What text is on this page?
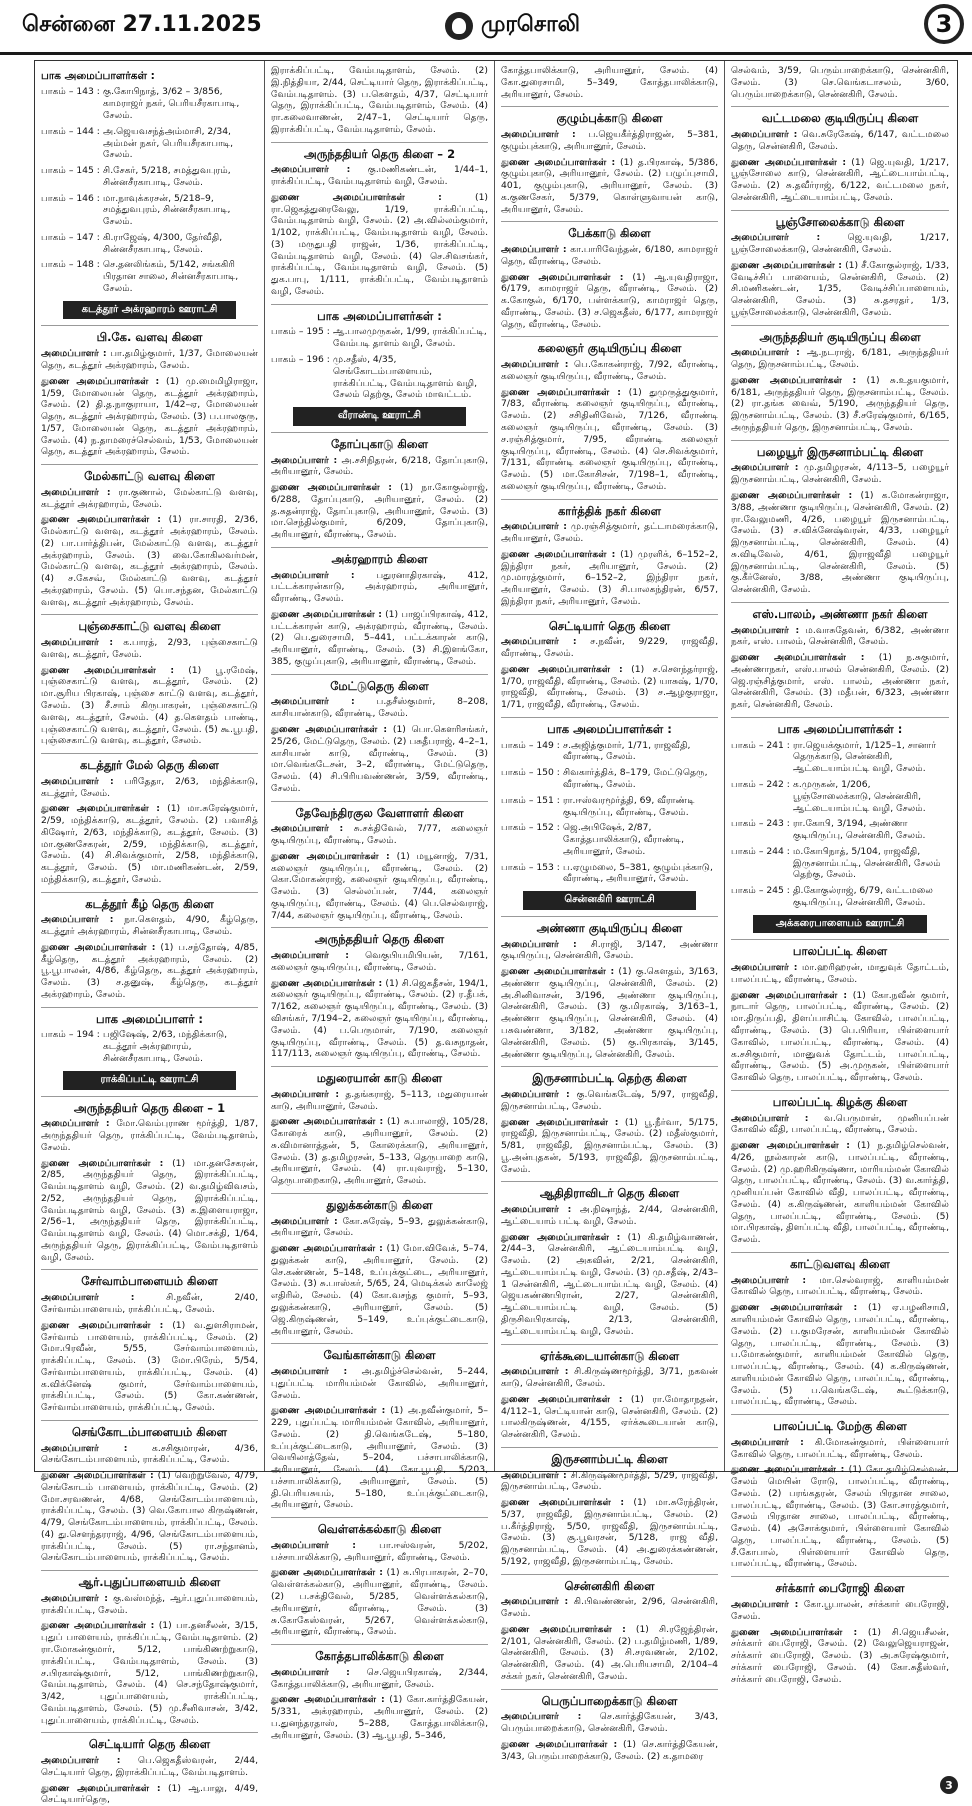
சென்னை 27.11.2025	முரசொலி	3
பாக அமைப்பாளர்கள் :
பாகம் – 143 : கு.கோபிநாத், 3/62 – 3/856, காமராஜர் நகர், பெரியசீரகாபாடி, சேலம்.
பாகம் – 144 : அ.ஜெயவசந்த்அம்மாசி, 2/34, அம்மன் நகர், பெரியசீரகாபாடி, சேலம்.
பாகம் – 145 : சி.சேகர், 5/218, சமத்துவபுரம், சின்னசீரகாபாடி, சேலம்.
பாகம் – 146 : மா.நாவுக்கரசன், 5/218–9, சமத்துவபுரம், சின்னசீரகாபாடி, சேலம்.
பாகம் – 147 : கி.ராஜேஷ், 4/300, தேர்வீதி, சின்னசீரகாபாடி, சேலம்.
பாகம் – 148 : செ.தனலிங்கம், 5/142, சங்ககிரி பிரதான சாலை, சின்னசீரகாபாடி, சேலம்.
கடத்தூர் அக்ரஹாரம் ஊராட்சி
பி.கே. வளவு கிளை

அமைப்பாளர் : பா.தமிழ்குமார், 1/37, மோலையன் தெரு, கடத்தூர் அக்ரஹாரம், சேலம்.

துணை அமைப்பாளர்கள் : (1) மு.மைமிழிராஜா, 1/59, மோலையன் தெரு, கடத்தூர் அக்ரஹாரம், சேலம். (2) தி.த.நாகுராயா, 1/42–ஏ, மோலையன் தெரு, கடத்தூர் அக்ரஹாரம், சேலம். (3) ப.பாலகுரு, 1/57, மோலையன் தெரு, கடத்தூர் அக்ரஹாரம், சேலம். (4) ந.தாமரைச்செல்வம், 1/53, மோலையன் தெரு, கடத்தூர் அக்ரஹாரம், சேலம்.

மேல்காட்டு வளவு கிளை

அமைப்பாளர் : ரா.குணால், மேல்காட்டு வளவு, கடத்தூர் அக்ரஹாரம், சேலம்.

துணை அமைப்பாளர்கள் : (1) ரா.சாரதி, 2/36, மேல்காட்டு வளவு, கடத்தூர் அக்ரஹாரம், சேலம். (2) பா.பார்த்திபன், மேல்காட்டு வளவு, கடத்தூர் அக்ரஹாரம், சேலம். (3) வை.கோகிலவர்மன், மேல்காட்டு வளவு, கடத்தூர் அக்ரஹாரம், சேலம். (4) ச.கேசவ், மேல்காட்டு வளவு, கடத்தூர் அக்ரஹாரம், சேலம். (5) பொ.சந்தன, மேல்காட்டு வளவு, கடத்தூர் அக்ரஹாரம், சேலம்.

புஞ்சைகாட்டு வளவு கிளை

அமைப்பாளர் : க.பாரத், 2/93, புஞ்சைகாட்டு வளவு, கடத்தூர், சேலம்.

துணை அமைப்பாளர்கள் : (1) பூ.ரமேஷ், புஞ்சைகாட்டு வளவு, கடத்தூர், சேலம். (2) மா.சூரிய பிரகாஷ், புஞ்சை காட்டு வளவு, கடத்தூர், சேலம். (3) சீ.சாம் கிருபாகரன், புஞ்சைகாட்டு வளவு, கடத்தூர், சேலம். (4) த.கௌதம் பாண்டி, புஞ்சைகாட்டு வளவு, கடத்தூர், சேலம். (5) கூ.பூபதி, புஞ்சைகாட்டு வளவு, கடத்தூர், சேலம்.

கடத்தூர் மேல் தெரு கிளை

அமைப்பாளர் : பரிதேதா, 2/63, மந்திக்காடு, கடத்தூர், சேலம்.

துணை அமைப்பாளர்கள் : (1) மா.சுரேஷ்குமார், 2/59, மந்திக்காடு, கடத்தூர், சேலம். (2) பவாசித் கிஷோர், 2/63, மந்திக்காடு, கடத்தூர், சேலம். (3) மா.குணசேகரன், 2/59, மந்திக்காடு, கடத்தூர், சேலம். (4) சி.சிவக்குமார், 2/58, மந்திக்காடு, கடத்தூர், சேலம். (5) மா.மணிகண்டன், 2/59, மந்திக்காடு, கடத்தூர், சேலம்.

கடத்தூர் கீழ் தெரு கிளை

அமைப்பாளர் : நா.கௌதம், 4/90, கீழ்தெரு, கடத்தூர் அக்ரஹாரம், சின்னசீரகாபாடி, சேலம்.

துணை அமைப்பாளர்கள் : (1) ப.சந்தோஷ், 4/85, கீழ்தெரு, கடத்தூர் அக்ரஹாரம், சேலம். (2) பூ.பூபாலன், 4/86, கீழ்தெரு, கடத்தூர் அக்ரஹாரம், சேலம். (3) ச.தனுஷ், கீழ்தெரு, கடத்தூர் அக்ரஹாரம், சேலம்.

பாக அமைப்பாளர் :
பாகம் – 194 : பஜிஷேஷ், 2/63, மந்திக்காடு, கடத்தூர் அக்ரஹாரம், சின்னசீரகாபாடி, சேலம்.
ராக்கிப்பட்டி ஊராட்சி
அருந்ததியர் தெரு கிளை – 1

அமைப்பாளர் : மோ.வெம்புராண மூர்த்தி, 1/87, அருந்ததியர் தெரு, ராக்கிப்பட்டி, வேம்படிதாளம், சேலம்.

துணை அமைப்பாளர்கள் : (1) மா.தனசேகரன், 2/85, அருந்ததியர் தெரு, இராக்கிப்பட்டி, வேம்படிதாளம் வழி, சேலம். (2) வ.தமிழ்விவசம், 2/52, அருந்ததியர் தெரு, இராக்கிப்பட்டி, வேம்படிதாளம் வழி, சேலம். (3) க.இளையராஜா, 2/56–1, அருந்ததியர் தெரு, இராக்கிப்பட்டி, வேம்படிதாளம் வழி, சேலம். (4) மொ.சக்தி, 1/64, அருந்ததியர் தெரு, இராக்கிப்பட்டி, வேம்படிதாளம் வழி, சேலம்.

சேர்வாம்பாளையம் கிளை

அமைப்பாளர் :	சி.நவீன், 2/40, சேர்வாம்பாளையம், ராக்கிப்பட்டி, சேலம்.

துணை அமைப்பாளர்கள் : (1) வ.துளசிராமன், சேர்வாம் பாளையம், ராக்கிப்பட்டி, சேலம். (2) மோ.பிரவீன், 5/55, சேர்வாம்பாளையம், ராக்கிப்பட்டி, சேலம். (3) மோ.பிரேம், 5/54, சேர்வாம்பாளையம், ராக்கிப்பட்டி, சேலம். (4) க.விக்னேஷ் குமார், சேர்வாம்பாளையம், ராக்கிப்பட்டி, சேலம். (5) கோ.கண்ணன், சேர்வாம்பாளையம், ராக்கிப்பட்டி, சேலம்.

செங்கோடம்பாளையம் கிளை

அமைப்பாளர் :	க.சசிகுமாரன், 4/36, செங்கோடம்பாளையம், ராக்கிப்பட்டி, சேலம்.

துணை அமைப்பாளர்கள் : (1) வெற்றுவேல், 4/79, செங்கோடம் பாளையம், ராக்கிப்பட்டி, சேலம். (2) மோ.சரவணன், 4/68, செங்கோடம்பாளையம், ராக்கிப்பட்டி, சேலம். (3) வெ.கோபால கிருஷ்ணன், 4/79, செங்கோடம்பாளையம், ராக்கிப்பட்டி, சேலம். (4) து.செளந்தரராஜ், 4/96, செங்கோடம்பாளையம், ராக்கிப்பட்டி, சேலம். (5) ரா.சந்தானம், செங்கோடம்பாளையம், ராக்கிப்பட்டி, சேலம்.

ஆர்.புதுப்பாளையம் கிளை

அமைப்பாளர் : கு.வஸ்மந்த், ஆர்.புதுப்பாளையம், ராக்கிப்பட்டி, சேலம்.

துணை அமைப்பாளர்கள் : (1) பா.தனசீலன், 3/15, புதுப் பாளையம், ராக்கிப்பட்டி, வேம்படிதாளம். (2) ரா.மோகன்குமார், 5/12, பாங்கிணற்றுகாடு, ராக்கிப்பட்டி, வேம்படிதாளம், சேலம். (3) ச.பிரகாஷ்குமார், 5/12, பாங்கிணற்றுகாடு, வேம்படிதாளம், சேலம். (4) செ.சந்தோஷ்குமார், 3/42, புதுப்பாளையம், ராக்கிப்பட்டி, வேம்படிதாளம், சேலம். (5) மு.சீனிவாசன், 3/42, புதுப்பாளையம், ராக்கிப்பட்டி, சேலம்.

செட்டியார் தெரு கிளை

அமைப்பாளர் : பெ.ஜெகதீஸ்வரன், 2/44, செட்டியார் தெரு, இராக்கிப்பட்டி, வேம்படிதாளம்.

துணை அமைப்பாளர்கள் : (1) ஆ.பாலு, 4/49, செட்டியார்தெரு,

இராக்கிப்பட்டி, வேம்படிதாளம், சேலம். (2) இ.நித்தியா, 2/44, செட்டியார் தெரு, இராக்கிப்பட்டி, வேம்படிதாளம். (3) ப.கௌதம், 4/37, செட்டியார் தெரு, இராக்கிப்பட்டி, வேம்படிதாளம், சேலம். (4) ரா.கலைவாணன், 2/47–1, செட்டியார் தெரு, இராக்கிப்பட்டி, வேம்படிதாளம், சேலம்.

அருந்ததியர் தெரு கிளை – 2

அமைப்பாளர் : கு.மணிகண்டன், 1/44–1, ராக்கிப்பட்டி, வேம்படிதாளம் வழி, சேலம்.

துணை அமைப்பாளர்கள் :	(1) ரா.ஜெகத்துரைவேலு, 1/19, ராக்கிப்பட்டி, வேம்படிதாளம் வழி, சேலம். (2) அ.வில்லம்குமார், 1/102, ராக்கிப்பட்டி, வேம்படிதாளம் வழி, சேலம். (3) மருதுபதி ராஜன், 1/36, ராக்கிப்பட்டி, வேம்படிதாளம் வழி, சேலம். (4) செ.சிவசங்கர், ராக்கிப்பட்டி, வேம்படிதாளம் வழி, சேலம். (5) துக.பாபு, 1/111, ராக்கிப்பட்டி, வேம்படிதாளம் வழி, சேலம்.

பாக அமைப்பாளர்கள் :
பாகம் – 195 : ஆ.பாலமுருகன், 1/99, ராக்கிப்பட்டி, வேம்படி தாளம் வழி, சேலம்.
பாகம் – 196 : மு.சதீஸ், 4/35, செங்கோடம்பாளையம், ராக்கிப்பட்டி, வேம்படிதாளம் வழி, சேலம் தெற்கு, சேலம் மாவட்டம்.
வீராண்டி ஊராட்சி
தோப்புகாடு கிளை

அமைப்பாளர் : அ.சசிநிதரன், 6/218, தோப்புகாடு, அரியானூர், சேலம்.

துணை அமைப்பாளர்கள் : (1) நா.கோகுல்ராஜ், 6/288, தோப்புகாடு, அரியானூர், சேலம். (2) த.சுதன்ராஜ், தோப்புகாடு, அரியானூர், சேலம். (3) மா.செந்தில்குமார், 6/209, தோப்புகாடு, அரியானூர், வீராண்டி, சேலம்.

அக்ரஹாரம் கிளை

அமைப்பாளர் : பதுரனாதிரகாஷ், 412, பட்டக்காரன்காடு, அக்ரஹாரம், அரியானூர், வீராண்டி, சேலம்.

துணை அமைப்பாளர்கள் : (1) பாஜப்பிரகாஷ், 412, பட்டக்காரன் காடு, அக்ரஹாரம், வீராண்டி, சேலம். (2) பெ.துரைசாமி, 5–441, பட்டக்காரன் காடு, அரியானூர், வீராண்டி, சேலம். (3) சி.இளங்கோ, 385, குழுப்புகாடு, அரியானூர், வீராண்டி, சேலம்.

மேட்டுதெரு கிளை

அமைப்பாளர் : ப.தசீஸ்குமார், 8–208, காசியான்காடு, வீராண்டி, சேலம்.

துணை அமைப்பாளர்கள் : (1) பொ.கௌரிசங்கர், 25/26, மேட்டுதெரு, சேலம். (2) பசுதீபராஜ், 4–2–1, காசியான் காடு, வீராண்டி, சேலம். (3) மா.வெங்கடேசன், 3–2, வீராண்டி, மேட்டுதெரு, சேலம். (4) சி.பிரியவண்ணன், 3/59, வீராண்டி, சேலம்.

தேவேந்திரகுல வேளாளர் கிளை

அமைப்பாளர் : சு.சக்திவேல், 7/77, கலைஞர் குடியிருப்பு, வீராண்டி, சேலம்.

துணை அமைப்பாளர்கள் : (1) மயூனாஜ், 7/31, கலைஞர் குடியிருப்பு, வீராண்டி, சேலம். (2) கொ.மோகன்ராஜ், கலைஞர் குடியிருப்பு, வீராண்டி, சேலம். (3) செல்லப்பன், 7/44, கலைஞர் குடியிருப்பு, வீராண்டி, சேலம். (4) பெ.செல்வராஜ், 7/44, கலைஞர் குடியிருப்பு, வீராண்டி, சேலம்.

அருந்ததியர் தெரு கிளை

அமைப்பாளர் : வெகுபியமிபியன், 7/161, கலைஞர் குடியிருப்பு, வீராண்டி, சேலம்.

துணை அமைப்பாளர்கள் : (1) சி.ஜெகதீசன், 194/1, கலைஞர் குடியிருப்பு, வீராண்டி, சேலம். (2) ர.தீபக், 7/162, கலைஞர் குடியிருப்பு, வீராண்டி, சேலம். (3) விசங்கர், 7/194–2, கலைஞர் குடியிருப்பு, வீராண்டி, சேலம். (4) ப.பெருமாள், 7/190, கலைஞர் குடியிருப்பு, வீராண்டி, சேலம். (5) த.வசுநாதன், 117/113, கலைஞர் குடியிருப்பு, வீராண்டி, சேலம்.

மதுரையான் காடு கிளை

அமைப்பாளர் : த.தங்கராஜ், 5–113, மதுரையான் காடு, அரியானூர், சேலம்.

துணை அமைப்பாளர்கள் : (1) சு.பாலாஜி, 105/28, கோரைக் காடு, அரியானூர், சேலம். (2) சு.விமானாத்தன், 5, கோரைக்காடு, அரியானூர், சேலம். (3) த.தமிழரசன், 5–133, தெருபாறை காடு, அரியானூர், சேலம். (4) ரா.யுவராஜ், 5–130, தெருபாறைகாடு, அரியானூர், சேலம்.

துலுக்கன்காடு கிளை

அமைப்பாளர் : கோ.சுரேஷ், 5–93, துலுக்கன்காடு, அரியானூர், சேலம்.

துணை அமைப்பாளர்கள் : (1) மோ.விவேக், 5–74, துலுக்கன் காடு, அரியானூர், சேலம். (2) செ.கண்ணன், 5–148, உப்புக்குட்டை, அரியானூர், சேலம். (3) சு.பாஸ்கர், 5/65, 24, மெடிக்கல் காலேஜ் எதிரில், சேலம். (4) கோ.வசந்த குமார், 5–93, துலுக்கன்காடு, அரியானூர், சேலம். (5) ஜெ.கிருஷ்ணன், 5–149, உப்புக்குட்டைகாடு, அரியானூர், சேலம்.

வேங்கான்காடு கிளை

அமைப்பாளர் : அ.தமிழ்ச்செல்வன், 5–244, புதுப்பட்டி மாரியம்மன் கோவில், அரியானூர், சேலம்.

துணை அமைப்பாளர்கள் : (1) அ.நவீன்குமார், 5–229, புதுப்பட்டி மாரியம்மன் கோவில், அரியானூர், சேலம். (2) தி.வெங்கடேஷ், 5–180, உப்புக்குட்டைகாடு, அரியானூர், சேலம். (3) வெயிலாத்தேவ், 5–204, பச்சாபாலிக்காடு, அரியானூர், சேலம். (4) கோ.பூபதி, 5/203, பச்சாபாலிக்காடு, அரியானூர், சேலம். (5) தி.பெரியசுயம், 5–180, உப்புக்குட்டைகாடு, அரியானூர், சேலம்.

வெள்ளக்கல்காடு கிளை

அமைப்பாளர் :	பா.ஈஸ்வரன், 5/202, பச்சாபாலிக்காடு, அரியானூர், வீராண்டி, சேலம்.

துணை அமைப்பாளர்கள் : (1) சு.பிரபாகரன், 2–70, வெள்ளக்கல்காடு, அரியானூர், வீராண்டி, சேலம். (2) ப.சக்திவேல், 5/285, வெள்ளக்கல்காடு, அரியானூர், வீராண்டி, சேலம். (3) சு.கோகேஸ்வரன், 5/267, வெள்ளக்கல்காடு, அரியானூர், வீராண்டி, சேலம்.

கோத்தபாலிக்காடு கிளை

அமைப்பாளர் : செ.ஜெயபிரகாஷ், 2/344, கோத்தபாலிக்காடு, அரியானூர், சேலம்.

துணை அமைப்பாளர்கள் : (1) கோ.கார்த்திகேயன், 5/331, அக்ரஹாரம், அரியானூர், சேலம். (2) ப.துனந்தரதாஸ், 5–288, கோத்தபாலிக்காடு, அரியானூர், சேலம். (3) ஆ.பூபதி, 5–346,

கோத்தபாலிக்காடு, அரியானூர், சேலம். (4) கோ.துரைசாமி, 5–349, கோத்தபாலிக்காடு, அரியானூர், சேலம்.

குழும்புக்காடு கிளை

அமைப்பாளர் : ப.ஜெயகீர்த்திராஜன், 5–381, குழும்புக்காடு, அரியானூர், சேலம்.

துணை அமைப்பாளர்கள் : (1) த.பிரகாஷ், 5/386, குழும்புகாடு, அரியானூர், சேலம். (2) பழுப்புசாமி, 401, குழும்புகாடு, அரியானூர், சேலம். (3) க.குணசேகர், 5/379, கொள்ளுவாயன் காடு, அரியானூர், சேலம்.

பேக்காடு கிளை

அமைப்பாளர் : கா.பாரிவேந்தன், 6/180, காமராஜர் தெரு, வீராண்டி, சேலம்.

துணை அமைப்பாளர்கள் : (1) ஆ.யுவதிராஜா, 6/179, காமராஜர் தெரு, வீராண்டி, சேலம். (2) க.கோகுல், 6/170, பள்ளக்காடு, காமராஜர் தெரு, வீராண்டி, சேலம். (3) ச.ஜெகதீஸ், 6/177, காமராஜர் தெரு, வீராண்டி, சேலம்.

கலைஞர் குடியிருப்பு கிளை

அமைப்பாளர் : பெ.கோகன்ராஜ், 7/92, வீராண்டி, கலைஞர் குடியிருப்பு, வீராண்டி, சேலம்.

துணை அமைப்பாளர்கள் : (1) துமுருத்துகுமார், 7/83, வீராண்டி கலைஞர் குடியிருப்பு, வீராண்டி, சேலம். (2) சசிதினிவேல், 7/126, வீராண்டி கலைஞர் குடியிருப்பு, வீராண்டி, சேலம். (3) ச.ரஞ்சித்குமார், 7/95, வீராண்டி கலைஞர் குடியிருப்பு, வீராண்டி, சேலம். (4) செ.சிவக்குமார், 7/131, வீராண்டி கலைஞர் குடியிருப்பு, வீராண்டி, சேலம். (5) மா.கோசிசன், 7/198–1, வீராண்டி, கலைஞர் குடியிருப்பு, வீராண்டி, சேலம்.

கார்த்திக் நகர் கிளை

அமைப்பாளர் : மு.ரஞ்சித்குமார், தட்டாமரைக்காடு, அரியானூர், சேலம்.

துணை அமைப்பாளர்கள் : (1) முரளிக், 6–152–2, இந்திரா நகர், அரியானூர், சேலம். (2) மு.மாரத்குமார், 6–152–2, இந்திரா நகர், அரியானூர், சேலம். (3) சி.பாலகந்திரன், 6/57, இந்திரா நகர், அரியானூர், சேலம்.

செட்டியார் தெரு கிளை

அமைப்பாளர் : ச.நவீன், 9/229, ராஜவீதி, வீராண்டி, சேலம்.

துணை அமைப்பாளர்கள் : (1) ச.செளந்தர்ராஜ், 1/70, ராஜவீதி, வீராண்டி, சேலம். (2) யாசுஷ், 1/70, ராஜவீதி, வீராண்டி, சேலம். (3) ச.ஆழகுராஜா, 1/71, ராஜவீதி, வீராண்டி, சேலம்.

பாக அமைப்பாளர்கள் :
பாகம் – 149 : ச.அஜித்குமார், 1/71, ராஜவீதி, வீராண்டி, சேலம்.
பாகம் – 150 : சிவகார்த்திக், 8–179, மேட்டுதெரு, வீராண்டி, சேலம்.
பாகம் – 151 : ரா.ஈஸ்வரமூர்த்தி, 69, வீராண்டி குடியிருப்பு, வீராண்டி, சேலம்.
பாகம் – 152 : ஜெ.அபிஷேக், 2/87, கோத்தபாலிக்காடு, வீராண்டி, அரியானூர், சேலம்.
பாகம் – 153 : ப.ஏழுமலை, 5–381, குழும்புக்காடு, வீராண்டி, அரியானூர், சேலம்.
சென்னகிரி ஊராட்சி
அண்ணா குடியிருப்பு கிளை

அமைப்பாளர் : சி.ராஜி, 3/147, அண்ணா குடியிருப்பு, சென்னகிரி, சேலம்.

துணை அமைப்பாளர்கள் : (1) கு.கௌதம், 3/163, அண்ணா குடியிருப்பு, சென்னகிரி, சேலம். (2) அ.சினிவாசன், 3/196, அண்ணா குடியிருப்பு, சென்னகிரி, சேலம். (3) கு.மிரகாஷ், 3/163–1, அண்ணா குடியிருப்பு, சென்னகிரி, சேலம். (4) பசுவண்ணா, 3/182, அண்ணா குடியிருப்பு, சென்னகிரி, சேலம். (5) கு.பிரகாஷ், 3/145, அண்ணா குடியிருப்பு, சென்னகிரி, சேலம்.

இருசனாம்பட்டி தெற்கு கிளை

அமைப்பாளர் : கு.வெங்கடேஷ், 5/97, ராஜவீதி, இருசனாம்பட்டி, சேலம்.

துணை அமைப்பாளர்கள் : (1) பூ.நீர்வா, 5/175, ராஜவீதி, இருசனாம்பட்டி, சேலம். (2) மதீஸ்குமார், 5/81, ராஜவீதி, இருசனாம்பட்டி, சேலம். (3) பூ.அன்புதகன், 5/193, ராஜவீதி, இருசனாம்பட்டி, சேலம்.

ஆதிதிராவிடர் தெரு கிளை

அமைப்பாளர் : அ.நிஷாந்த், 2/44, சென்னகிரி, ஆட்டையாம் பட்டி வழி, சேலம்.

துணை அமைப்பாளர்கள் : (1) கி.தமிழ்வாணன், 2/44–3, சென்னகிரி, ஆட்டையாம்பட்டி வழி, சேலம். (2) அகவின், 2/21, சென்னகிரி, ஆட்டையாம்பட்டி வழி, சேலம். (3) மு.சதீஷ், 2/43–1 சென்னகிரி, ஆட்டையாம்பட்டி வழி, சேலம். (4) ஜெயகண்ணபிரான், 2/27, சென்னகிரி, ஆட்டையாம்பட்டி வழி, சேலம். (5) திருசிவபிரகாஷ், 2/13, சென்னகிரி, ஆட்டையாம்பட்டி வழி, சேலம்.

ஏர்க்கூடையான்காடு கிளை

அமைப்பாளர் : சி.கிருஷ்ணமூர்த்தி, 3/71, நகவன் காடு, சென்னகிரி, சேலம்.

துணை அமைப்பாளர்கள் : (1) ரா.மோதாநதன், 4/112–1, செட்டியான் காடு, சென்னகிரி, சேலம். (2) பாலகிருஷ்ணன், 4/155, ஏர்க்கூடையான் காடு, சென்னகிரி, சேலம்.

இருசனாம்பட்டி கிளை

அமைப்பாளர் : சி.கிருஷ்ணமூர்த்தி, 5/29, ராஜவீதி, இருசனாம்பட்டி, சேலம்.

துணை அமைப்பாளர்கள் : (1) மா.சுரேந்திரன், 5/37, ராஜவீதி, இருசனாம்பட்டி, சேலம். (2) ப.கீர்த்திராஜ், 5/50, ராஜவீதி, இருசனாம்பட்டி, சேலம். (3) சூ.பூவரசன், 5/128, ராஜ வீதி, இருசனாம்பட்டி, சேலம். (4) அ.துரைக்கண்ணன், 5/192, ராஜவீதி, இருசனாம்பட்டி, சேலம்.

சென்னகிரி கிளை

அமைப்பாளர் : கி.பிவண்ணன், 2/96, சென்னகிரி, சேலம்.

துணை அமைப்பாளர்கள் : (1) சி.ரஜேந்திரன், 2/101, சென்னகிரி, சேலம். (2) ப.தமிழ்மணி, 1/89, சென்னகிரி, சேலம். (3) சி.சரவணன், 2/102, சென்னகிரி, சேலம். (4) அ.பெரியசாமி, 2/104–4 சக்கர் நகர், சென்னகிரி, சேலம்.

பெருப்பாறைக்காடு கிளை

அமைப்பாளர் : செ.கார்த்திகேயன், 3/43, பெரும்பாறைக்காடு, சென்னகிரி, சேலம்.

துணை அமைப்பாளர்கள் : (1) செ.கார்த்திகேயன், 3/43, பெரும்பாறைக்காடு, சேலம். (2) க.தாமரை

செல்வம், 3/59, பெரும்பாறைக்காடு, சென்னகிரி, சேலம். (3) செ.வெங்கடாசலம், 3/60, பெரும்பாறைக்காடு, சென்னகிரி, சேலம்.

வட்டமலை குடியிருப்பு கிளை

அமைப்பாளர் : வெ.சுரேகேஷ், 6/147, வட்டமலை தெரு, சென்னகிரி, சேலம்.

துணை அமைப்பாளர்கள் : (1) ஜெ.யுவதி, 1/217, பூஞ்சோலை காடு, சென்னகிரி, ஆட்டையாம்பட்டி, சேலம். (2) சு.தவீர்ராஜ், 6/122, வட்டமலை நகர், சென்னகிரி, ஆட்டையாம்பட்டி, சேலம்.

பூஞ்சோலைக்காடு கிளை

அமைப்பாளர் :	ஜெ.யுவதி, 1/217, பூஞ்சோலைக்காடு, சென்னகிரி, சேலம்.

துணை அமைப்பாளர்கள் : (1) சீ.கோகுல்ராஜ், 1/33, வேடிச்சிப் பாளையம், சென்னகிரி, சேலம். (2) சி.மணிகண்டன், 1/35, வேடிச்சிப்பாளையம், சென்னகிரி, சேலம். (3) சு.தசரதா், 1/3, பூஞ்சோலைக்காடு, சென்னகிரி, சேலம்.

அருந்ததியர் குடியிருப்பு கிளை

அமைப்பாளர் : ஆ.நடராஜ், 6/181, அருந்ததியர் தெரு, இருசனாம்பட்டி, சேலம்.

துணை அமைப்பாளர்கள் : (1) சு.உதயகுமார், 6/181, அருந்ததியர் தெரு, இருசனாம்பட்டி, சேலம். (2) ரா.தங்க வைவ், 5/190, அருந்ததியர் தெரு, இருசனாம்பட்டி, சேலம். (3) சீ.சரேஷ்குமார், 6/165, அருந்ததியர் தெரு, இருசனாம்பட்டி, சேலம்.

பழையூர் இருசனாம்பட்டி கிளை

அமைப்பாளர் : மு.தமிழரசன், 4/113–5, பழையூர் இருசனாம்பட்டி, சென்னகிரி, சேலம்.

துணை அமைப்பாளர்கள் : (1) க.மோகன்ராஜா, 3/88, அண்ணா குடியிருப்பு, சென்னகிரி, சேலம். (2) ரா.வேலுமணி, 4/26, பழையூர் இருசனாம்பட்டி, சேலம். (3) ச.விக்னேஷ்வரன், 4/33, பழையூர் இருசனாம்பட்டி, சென்னகிரி, சேலம். (4) சு.விடிவேல், 4/61, இராஜவீதி பழையூர் இருசனாம்பட்டி, சென்னகிரி, சேலம். (5) கு.கீர்னேஸ், 3/88, அண்ணா குடியிருப்பு, சென்னகிரி, சேலம்.

எஸ்.பாலம், அண்ணா நகர் கிளை

அமைப்பாளர் : ம.வாசுதேவன், 6/382, அண்ணா நகர், எஸ். பாலம், சென்னகிரி, சேலம்.

துணை அமைப்பாளர்கள் : (1) ந.சுகுமார், அண்ணாநகர், எஸ்.பாலம் சென்னகிரி, சேலம். (2) ஜெ.ரஞ்சித்குமார், எஸ். பாலம், அண்ணா நகர், சென்னகிரி, சேலம். (3) மதீபன், 6/323, அண்ணா நகர், சென்னகிரி, சேலம்.

பாக அமைப்பாளர்கள் :
பாகம் – 241 : ரா.ஜெயக்குமார், 1/125–1, சானார் தெருக்காடு, சென்னகிரி, ஆட்டையாம்பட்டி வழி, சேலம்.
பாகம் – 242 : க.முருகன், 1/206, பூஞ்சோலைக்காடு, சென்னகிரி, ஆட்டையாம்பட்டி வழி, சேலம்.
பாகம் – 243 : ரா.கோபி, 3/194, அண்ணா குடியிருப்பு, சென்னகிரி, சேலம்.
பாகம் – 244 : ம.கோபிநாத், 5/104, ராஜவீதி, இருசனாம்பட்டி, சென்னகிரி, சேலம் தெற்கு, சேலம்.
பாகம் – 245 : தி.கோகுல்ராஜ், 6/79, வட்டமலை குடியிருப்பு, சென்னகிரி, சேலம்.
அக்கரைபாளையம் ஊராட்சி
பாலப்பட்டி கிளை

அமைப்பாளர் : மா.ஹரிஹரன், மாதுவுக் தோட்டம், பாலப்பட்டி, வீராண்டி, சேலம்.

துணை அமைப்பாளர்கள் : (1) கோ.நவீன் குமார், நாடார் தெரு, பாலப்பட்டி, வீராண்டி, சேலம். (2) மா.திருப்பதி, திளப்பாசிட்டி கோவில், பாலப்பட்டி, வீராண்டி, சேலம். (3) பெ.பிரியா, பிள்ளையார் கோவில், பாலப்பட்டி, வீராண்டி, சேலம். (4) க.சசிகுமார், மானுவக் தோட்டம், பாலப்பட்டி, வீராண்டி, சேலம். (5) அ.முருகன், பிள்ளையார் கோவில் தெரு, பாலப்பட்டி, வீராண்டி, சேலம்.

பாலப்பட்டி கிழக்கு கிளை

அமைப்பாளர் : வ.பெருமாள், முனியப்பன் கோவில் வீதி, பாலப்பட்டி, வீராண்டி, சேலம்.

துணை அமைப்பாளர்கள் : (1) ந.தமிழ்செல்வன், 4/26, நூல்காரன் காடு, பாலப்பட்டி, வீராண்டி, சேலம். (2) மு.ஹரிகிருஷ்ணா, மாரியம்மன் கோவில் தெரு, பாலப்பட்டி, வீராண்டி, சேலம். (3) வ.கார்த்தி, முனியப்பன் கோவில் வீதி, பாலப்பட்டி, வீராண்டி, சேலம். (4) க.கிருஷ்ணன், காளியம்மன் கோவில் தெரு, பாலப்பட்டி, வீராண்டி, சேலம். (5) மா.பிரகாஷ், திளப்பட்டி வீதி, பாலப்பட்டி, வீராண்டி, சேலம்.

காட்டுவளவு கிளை

அமைப்பாளர் : மா.செல்வராஜ், காளியம்மன் கோவில் தெரு, பாலப்பட்டி, வீராண்டி, சேலம்.

துணை அமைப்பாளர்கள் : (1) ஏ.பழனிசாமி, காளியம்மன் கோவில் தெரு, பாலப்பட்டி, வீராண்டி, சேலம். (2) ப.குமரேசன், காளியம்மன் கோவில் தெரு, பாலப்பட்டி, வீராண்டி, சேலம். (3) ப.மோகன்குமார், காளியம்மன் கோவில் தெரு, பாலப்பட்டி, வீராண்டி, சேலம். (4) க.கிருஷ்ணன், காளியம்மன் கோவில் தெரு, பாலப்பட்டி, வீராண்டி, சேலம். (5) ப.வெங்கடேஷ், கூட்டுக்காடு, பாலப்பட்டி, வீராண்டி, சேலம்.

பாலப்பட்டி மேற்கு கிளை

அமைப்பாளர் : கி.மோகன்குமார், பிள்ளையார் கோவில் தெரு, பாலப்பட்டி, வீராண்டி, சேலம்.

துணை அமைப்பாளர்கள் : (1) கோ.தமிழ்செல்வன், சேலம் மெயின் ரோடு, பாலப்பட்டி, வீராண்டி, சேலம். (2) பரங்கதரன், சேலம் பிரதான சாலை, பாலப்பட்டி, வீராண்டி, சேலம். (3) கோ.சாரத்குமார், சேலம் பிரதான சாலை, பாலப்பட்டி, வீராண்டி, சேலம். (4) அசோக்குமார், பிள்ளையார் கோவில் தெரு, பாலப்பட்டி, வீராண்டி, சேலம். (5) சீ.கோபால், பிள்ளையார் கோவில் தெரு, பாலப்பட்டி, வீராண்டி, சேலம்.

சர்க்கார் பைரோஜி கிளை

அமைப்பாளர் : கோ.பூபாலன், சர்க்கார் பைரோஜி, சேலம்.

துணை அமைப்பாளர்கள் : (1) சி.ஜெயசீலன், சர்க்கார் பைரோஜி, சேலம். (2) வேலுஜெயராஜன், சர்க்கார் பைரோஜி, சேலம். (3) அ.சுரேஷ்குமார், சர்க்கார் பைரோஜி, சேலம். (4) கோ.சுதீஸ்வர், சர்க்கார் பைரோஜி, சேலம்.

3
